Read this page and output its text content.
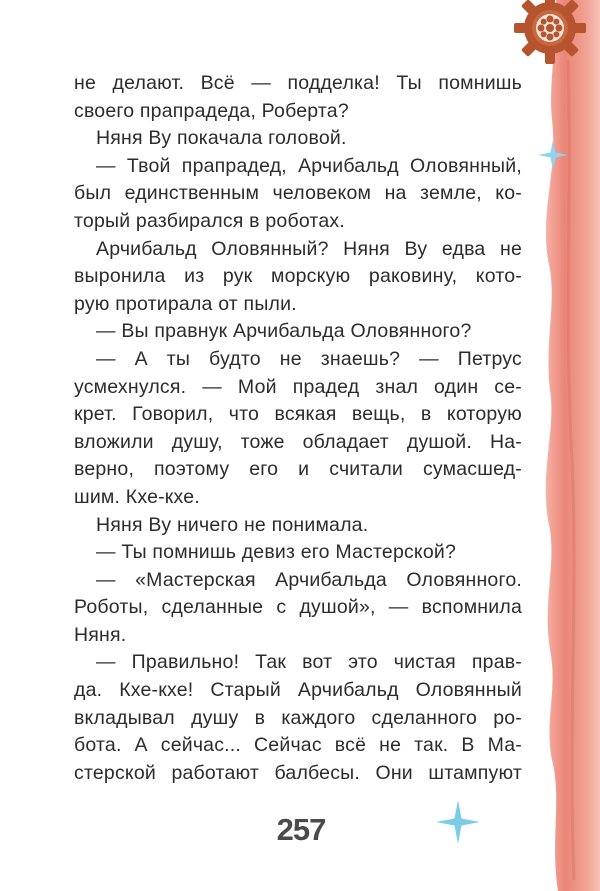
не делают. Всё — подделка! Ты помнишь
своего прапрадеда, Роберта?
Няня Ву покачала головой.
— Твой прапрадед, Арчибальд Оловянный,
был единственным человеком на земле, ко-
торый разбирался в роботах.
Арчибальд Оловянный? Няня Ву едва не
выронила из рук морскую раковину, кото-
рую протирала от пыли.
— Вы правнук Арчибальда Оловянного?
— А ты будто не знаешь? — Петрус
усмехнулся. — Мой прадед знал один се-
крет. Говорил, что всякая вещь, в которую
вложили душу, тоже обладает душой. На-
верно, поэтому его и считали сумасшед-
шим. Кхе-кхе.
Няня Ву ничего не понимала.
— Ты помнишь девиз его Мастерской?
— «Мастерская Арчибальда Оловянного.
Роботы, сделанные с душой», — вспомнила
Няня.
— Правильно! Так вот это чистая прав-
да. Кхе-кхе! Старый Арчибальд Оловянный
вкладывал душу в каждого сделанного ро-
бота. А сейчас... Сейчас всё не так. В Ма-
стерской работают балбесы. Они штампуют
257
